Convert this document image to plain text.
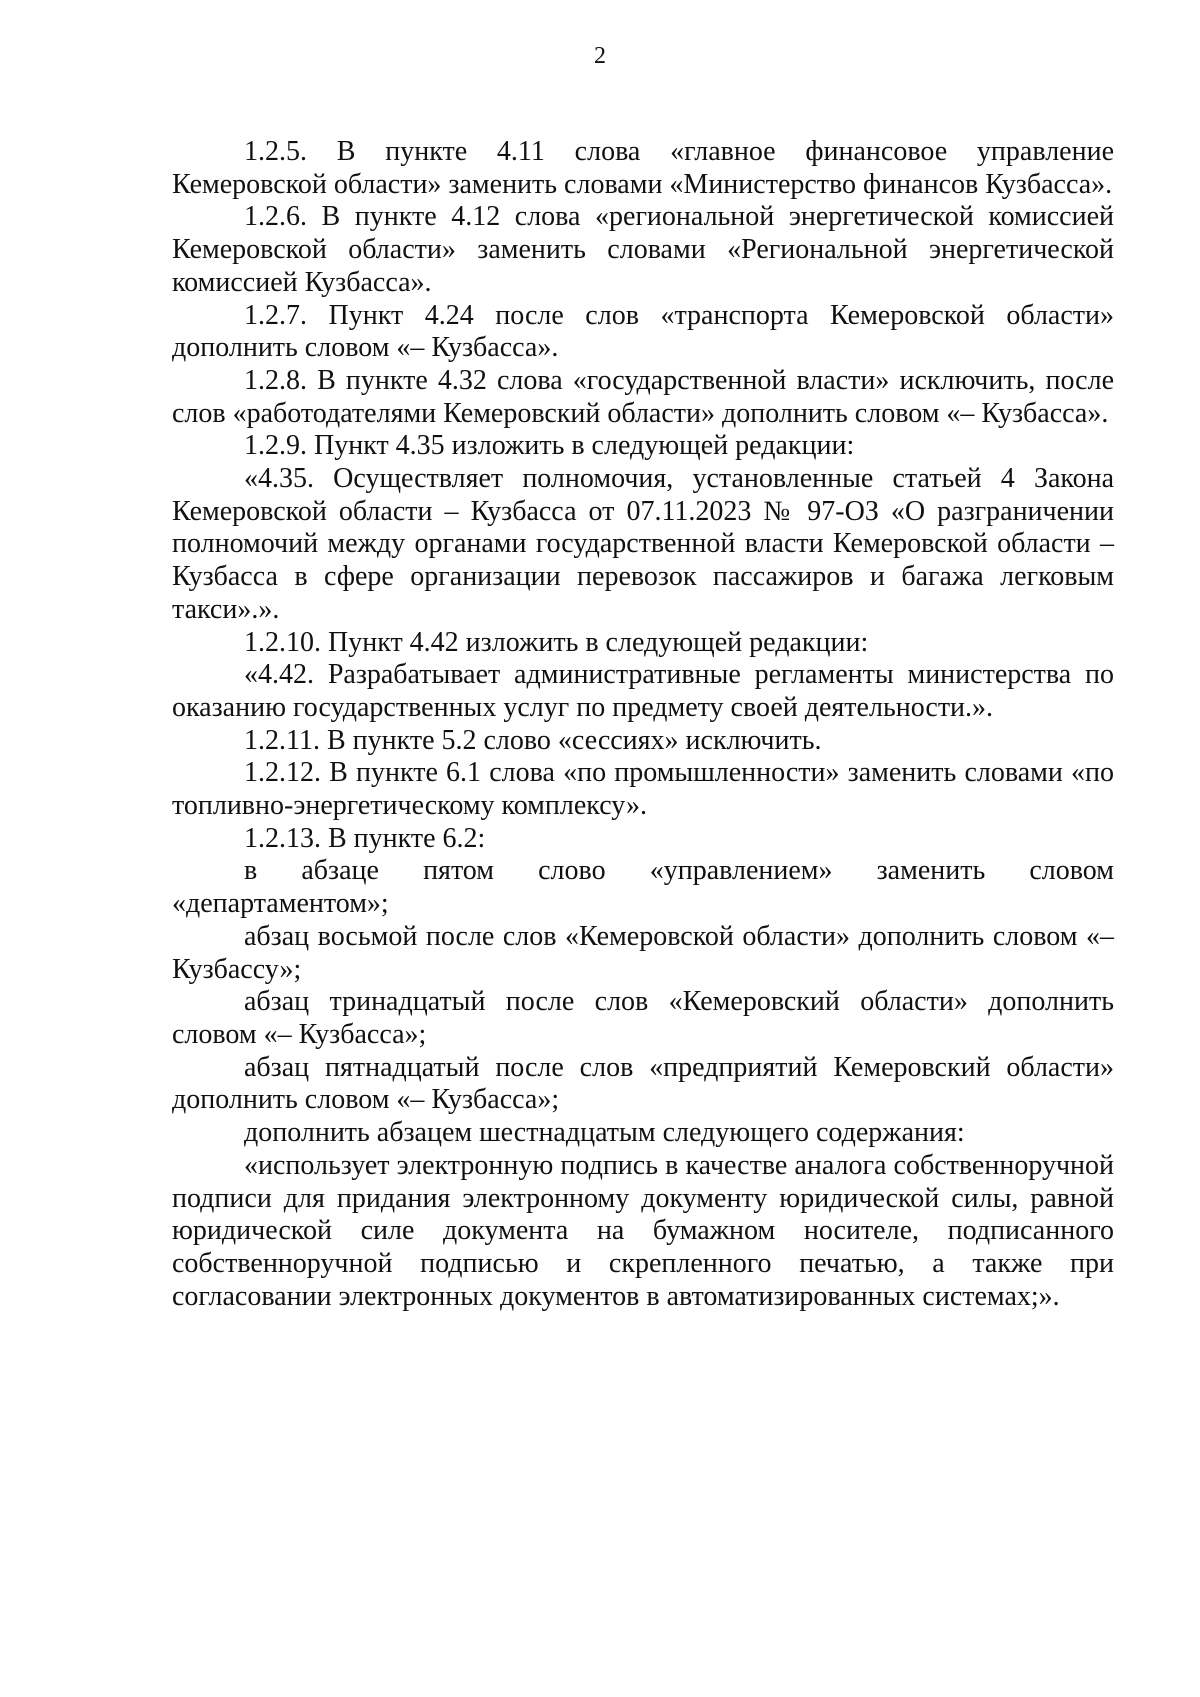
2

1.2.5. В пункте 4.11 слова «главное финансовое управление Кемеровской области» заменить словами «Министерство финансов Кузбасса».

1.2.6. В пункте 4.12 слова «региональной энергетической комиссией Кемеровской области» заменить словами «Региональной энергетической комиссией Кузбасса».

1.2.7. Пункт 4.24 после слов «транспорта Кемеровской области» дополнить словом «– Кузбасса».

1.2.8. В пункте 4.32 слова «государственной власти» исключить, после слов «работодателями Кемеровский области» дополнить словом «– Кузбасса».

1.2.9. Пункт 4.35 изложить в следующей редакции:

«4.35. Осуществляет полномочия, установленные статьей 4 Закона Кемеровской области – Кузбасса от 07.11.2023 № 97-ОЗ «О разграничении полномочий между органами государственной власти Кемеровской области – Кузбасса в сфере организации перевозок пассажиров и багажа легковым такси».».

1.2.10. Пункт 4.42 изложить в следующей редакции:

«4.42. Разрабатывает административные регламенты министерства по оказанию государственных услуг по предмету своей деятельности.».

1.2.11. В пункте 5.2 слово «сессиях» исключить.

1.2.12. В пункте 6.1 слова «по промышленности» заменить словами «по топливно-энергетическому комплексу».

1.2.13. В пункте 6.2:

в абзаце пятом слово «управлением» заменить словом «департаментом»;

абзац восьмой после слов «Кемеровской области» дополнить словом «– Кузбассу»;

абзац тринадцатый после слов «Кемеровский области» дополнить словом «– Кузбасса»;

абзац пятнадцатый после слов «предприятий Кемеровский области» дополнить словом «– Кузбасса»;

дополнить абзацем шестнадцатым следующего содержания:

«использует электронную подпись в качестве аналога собственноручной подписи для придания электронному документу юридической силы, равной юридической силе документа на бумажном носителе, подписанного собственноручной подписью и скрепленного печатью, а также при согласовании электронных документов в автоматизированных системах;».
